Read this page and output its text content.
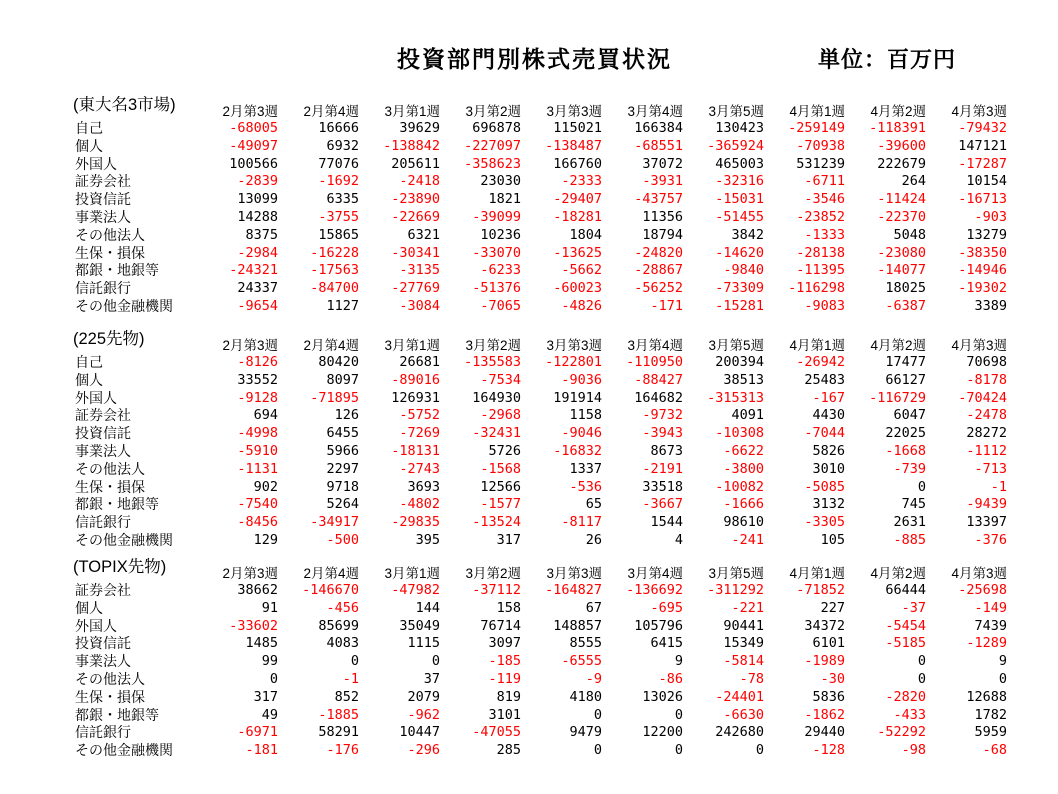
投資部門別株式売買状況	単位：百万円
(東大名3市場)	2月第3週	2月第4週	3月第1週	3月第2週	3月第3週	3月第4週	3月第5週	4月第1週	4月第2週	4月第3週
自己	-68005	16666	39629	696878	115021	166384	130423	-259149	-118391	-79432
個人	-49097	6932	-138842	-227097	-138487	-68551	-365924	-70938	-39600	147121
外国人	100566	77076	205611	-358623	166760	37072	465003	531239	222679	-17287
証券会社	-2839	-1692	-2418	23030	-2333	-3931	-32316	-6711	264	10154
投資信託	13099	6335	-23890	1821	-29407	-43757	-15031	-3546	-11424	-16713
事業法人	14288	-3755	-22669	-39099	-18281	11356	-51455	-23852	-22370	-903
その他法人	8375	15865	6321	10236	1804	18794	3842	-1333	5048	13279
生保・損保	-2984	-16228	-30341	-33070	-13625	-24820	-14620	-28138	-23080	-38350
都銀・地銀等	-24321	-17563	-3135	-6233	-5662	-28867	-9840	-11395	-14077	-14946
信託銀行	24337	-84700	-27769	-51376	-60023	-56252	-73309	-116298	18025	-19302
その他金融機関	-9654	1127	-3084	-7065	-4826	-171	-15281	-9083	-6387	3389
(225先物)	2月第3週	2月第4週	3月第1週	3月第2週	3月第3週	3月第4週	3月第5週	4月第1週	4月第2週	4月第3週
自己	-8126	80420	26681	-135583	-122801	-110950	200394	-26942	17477	70698
個人	33552	8097	-89016	-7534	-9036	-88427	38513	25483	66127	-8178
外国人	-9128	-71895	126931	164930	191914	164682	-315313	-167	-116729	-70424
証券会社	694	126	-5752	-2968	1158	-9732	4091	4430	6047	-2478
投資信託	-4998	6455	-7269	-32431	-9046	-3943	-10308	-7044	22025	28272
事業法人	-5910	5966	-18131	5726	-16832	8673	-6622	5826	-1668	-1112
その他法人	-1131	2297	-2743	-1568	1337	-2191	-3800	3010	-739	-713
生保・損保	902	9718	3693	12566	-536	33518	-10082	-5085	0	-1
都銀・地銀等	-7540	5264	-4802	-1577	65	-3667	-1666	3132	745	-9439
信託銀行	-8456	-34917	-29835	-13524	-8117	1544	98610	-3305	2631	13397
その他金融機関	129	-500	395	317	26	4	-241	105	-885	-376
(TOPIX先物)	2月第3週	2月第4週	3月第1週	3月第2週	3月第3週	3月第4週	3月第5週	4月第1週	4月第2週	4月第3週
証券会社	38662	-146670	-47982	-37112	-164827	-136692	-311292	-71852	66444	-25698
個人	91	-456	144	158	67	-695	-221	227	-37	-149
外国人	-33602	85699	35049	76714	148857	105796	90441	34372	-5454	7439
投資信託	1485	4083	1115	3097	8555	6415	15349	6101	-5185	-1289
事業法人	99	0	0	-185	-6555	9	-5814	-1989	0	9
その他法人	0	-1	37	-119	-9	-86	-78	-30	0	0
生保・損保	317	852	2079	819	4180	13026	-24401	5836	-2820	12688
都銀・地銀等	49	-1885	-962	3101	0	0	-6630	-1862	-433	1782
信託銀行	-6971	58291	10447	-47055	9479	12200	242680	29440	-52292	5959
その他金融機関	-181	-176	-296	285	0	0	0	-128	-98	-68
